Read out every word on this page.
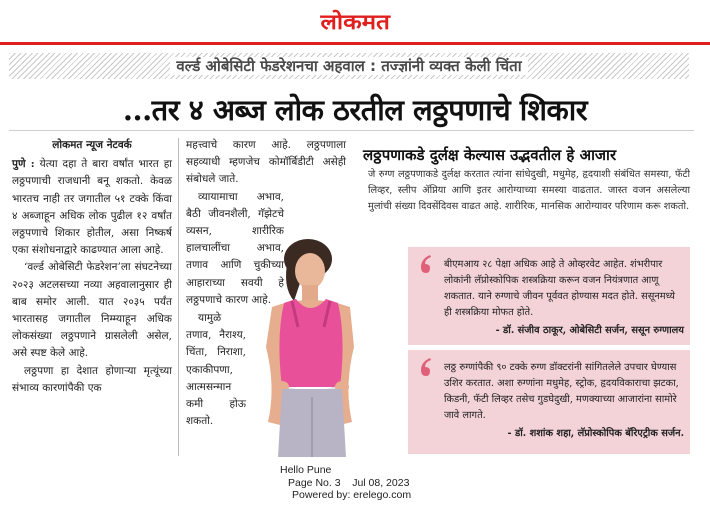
लोकमत
वर्ल्ड ओबेसिटी फेडरेशनचा अहवाल : तज्ज्ञांनी व्यक्त केली चिंता
...तर ४ अब्ज लोक ठरतील लठ्ठपणाचे शिकार
लोकमत न्यूज नेटवर्क

पुणे : येत्या दहा ते बारा वर्षांत भारत हा लठ्ठपणाची राजधानी बनू शकतो. केवळ भारतच नाही तर जगातील ५१ टक्के किंवा ४ अब्जाहून अधिक लोक पुढील १२ वर्षांत लठ्ठपणाचे शिकार होतील, असा निष्कर्ष एका संशोधनाद्वारे काढण्यात आला आहे.

‘वर्ल्ड ओबेसिटी फेडरेशन’ला संघटनेच्या २०२३ अटलसच्या नव्या अहवालानुसार ही बाब समोर आली. यात २०३५ पर्यंत भारतासह जगातील निम्म्याहून अधिक लोकसंख्या लठ्ठपणाने ग्रासलेली असेल, असे स्पष्ट केले आहे.

लठ्ठपणा हा देशात होणाऱ्या मृत्यूंच्या संभाव्य कारणांपैकी एक

महत्त्वाचे कारण आहे. लठ्ठपणाला सहव्याधी म्हणजेच कोमॉर्बिडीटी असेही संबोधले जाते.

व्यायामाचा अभाव, बैठी जीवनशैली, गॅझेटचे व्यसन, शारीरिक हालचालींचा अभाव, तणाव आणि चुकीच्या आहाराच्या सवयी हे लठ्ठपणाचे कारण आहे.

यामुळे तणाव, नैराश्य, चिंता, निराशा, एकाकीपणा, आत्मसन्मान कमी होऊ शकतो.

लठ्ठपणाकडे दुर्लक्ष केल्यास उद्भवतील हे आजार
जे रुग्ण लठ्ठपणाकडे दुर्लक्ष करतात त्यांना सांधेदुखी, मधुमेह, हृदयाशी संबंधित समस्या, फॅटी लिव्हर, स्लीप ॲप्निया आणि इतर आरोग्याच्या समस्या वाढतात. जास्त वजन असलेल्या मुलांची संख्या दिवसेंदिवस वाढत आहे. शारीरिक, मानसिक आरोग्यावर परिणाम करू शकतो.
बीएमआय २८ पेक्षा अधिक आहे ते ओव्हरवेट आहेत. शंभरीपार लोकांनी लॅप्रोस्कोपिक शस्त्रक्रिया करून वजन नियंत्रणात आणू शकतात. याने रुग्णाचे जीवन पूर्ववत होण्यास मदत होते. ससूनमध्ये ही शस्त्रक्रिया मोफत होते.
- डॉ. संजीव ठाकूर, ओबेसिटी सर्जन, ससून रुग्णालय
लठ्ठ रुग्णांपैकी ९० टक्के रुग्ण डॉक्टरांनी सांगितलेले उपचार घेण्यास उशिर करतात. अशा रुग्णांना मधुमेह, स्ट्रोक, हृदयविकाराचा झटका, किडनी, फॅटी लिव्हर तसेच गुडघेदुखी, मणक्याच्या आजारांना सामोरे जावे लागते.
- डॉ. शशांक शहा, लॅप्रोस्कोपिक बॅरिएट्रीक सर्जन.
Hello Pune
Page No. 3    Jul 08, 2023
Powered by: erelego.com
